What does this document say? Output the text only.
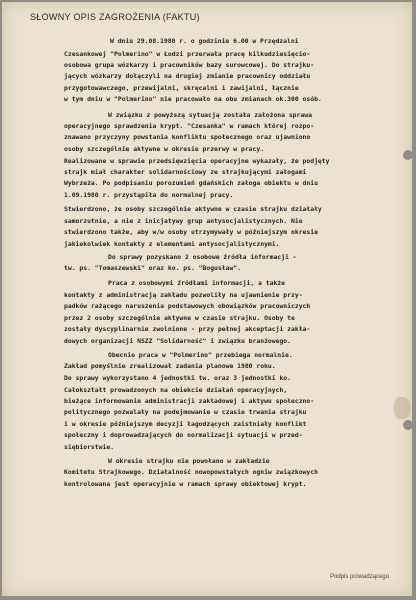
SŁOWNY OPIS ZAGROŻENIA (FAKTU)
W dniu 29.08.1980 r. o godzinie 6.00 w Przędzalni
Czesankowej "Polmerino" w Łodzi przerwała pracę kilkudziesięcio-
osobowa grupa wózkarzy i pracowników bazy surowcowej. Do strajku-
jących wózkarzy dołączyli na drugiej zmianie pracownicy oddziału
przygotowawczego, przewijalni, skręcalni i zawijalni, łącznie
w tym dniu w "Polmerino" nie pracowało na obu zmianach ok.300 osób.
W związku z powyższą sytuacją została założona sprawa
operacyjnego sprawdzenia krypt. "Czesanka" w ramach której rozpo-
znawano przyczyny powstania konfliktu społecznego oraz ujawniono
osoby szczególnie aktywne w okresie przerwy w pracy.
Realizowane w sprawie przedsięwzięcia operacyjne wykazały, że podjęty
strajk miał charakter solidarnościowy ze strajkującymi załogami
Wybrzeża. Po podpisaniu porozumień gdańskich załoga obiektu w dniu
1.09.1980 r. przystąpiła do normalnej pracy.
Stwierdzono, że osoby szczególnie aktywne w czasie strajku działały
samorzutnie, a nie z inicjatywy grup antysocjalistycznych. Nie
stwierdzono także, aby w/w osoby utrzymywały w późniejszym okresie
jakiekolwiek kontakty z elementami antysocjalistycznymi.
Do sprawy pozyskano 2 osobowe źródła informacji -
tw. ps. "Tomaszewski" oraz ko. ps. "Bogusław".
Praca z osobowymi źródłami informacji, a także
kontakty z administracją zakładu pozwoliły na ujawnienie przy-
padków rażącego naruszenia podstawowych obowiązków pracowniczych
przez 2 osoby szczególnie aktywne w czasie strajku. Osoby te
zostały dyscyplinarnie zwolnione - przy pełnej akceptacji zakła-
dowych organizacji NSZZ "Solidarność" i związku branżowego.
Obecnie praca w "Polmerino" przebiega normalnie.
Zakład pomyślnie zrealizował zadania planowe 1980 roku.
Do sprawy wykorzystano 4 jednostki tw. oraz 3 jednostki ko.
Całokształt prowadzonych na obiekcie działań operacyjnych,
bieżące informowanie administracji zakładowej i aktywu społeczno-
politycznego pozwalały na podejmowanie w czasie trwania strajku
i w okresie późniejszym decyzji łagodzących zaistniały konflikt
społeczny i doprowadzających do normalizacji sytuacji w przed-
siębiorstwie.
W okresie strajku nie powołano w zakładzie
Komitetu Strajkowego. Działalność nowopowstałych ogniw związkowych
kontrolowana jest operacyjnie w ramach sprawy obiektowej krypt.
Podpis prowadzącego
